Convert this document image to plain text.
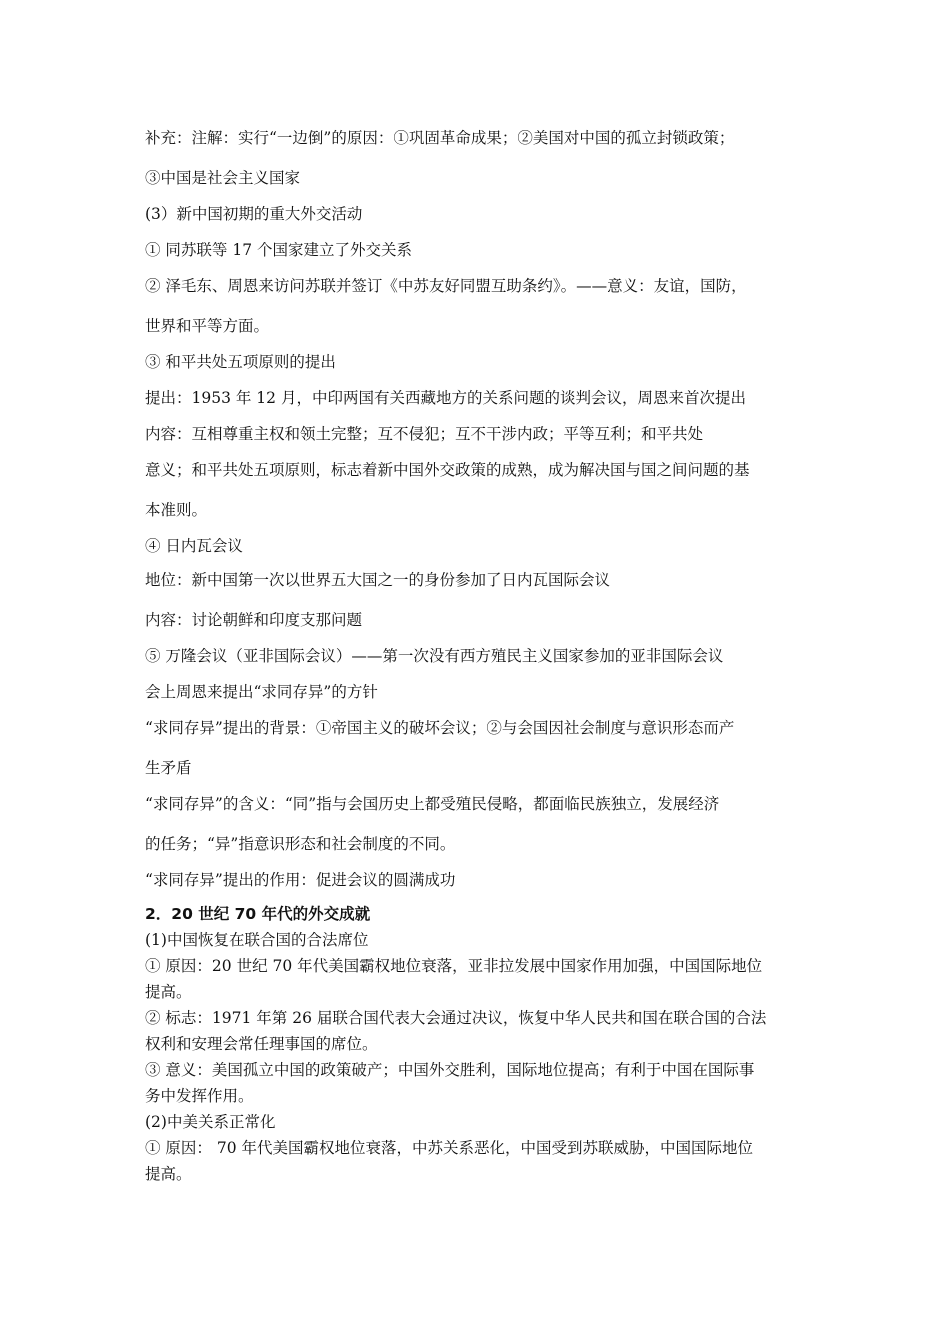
补充：注解：实行“一边倒”的原因：①巩固革命成果；②美国对中国的孤立封锁政策；
③中国是社会主义国家
(3）新中国初期的重大外交活动
① 同苏联等 17 个国家建立了外交关系
② 泽毛东、周恩来访问苏联并签订《中苏友好同盟互助条约》。——意义：友谊，国防，
世界和平等方面。
③ 和平共处五项原则的提出
提出：1953 年 12 月，中印两国有关西藏地方的关系问题的谈判会议，周恩来首次提出
内容：互相尊重主权和领土完整；互不侵犯；互不干涉内政；平等互利；和平共处
意义；和平共处五项原则，标志着新中国外交政策的成熟，成为解决国与国之间问题的基
本准则。
④ 日内瓦会议
地位：新中国第一次以世界五大国之一的身份参加了日内瓦国际会议
内容：讨论朝鲜和印度支那问题
⑤ 万隆会议（亚非国际会议）——第一次没有西方殖民主义国家参加的亚非国际会议
会上周恩来提出“求同存异”的方针
“求同存异”提出的背景：①帝国主义的破坏会议；②与会国因社会制度与意识形态而产
生矛盾
“求同存异”的含义：“同”指与会国历史上都受殖民侵略，都面临民族独立，发展经济
的任务；“异”指意识形态和社会制度的不同。
“求同存异”提出的作用：促进会议的圆满成功
2．20 世纪 70 年代的外交成就
(1)中国恢复在联合国的合法席位
① 原因：20 世纪 70 年代美国霸权地位衰落，亚非拉发展中国家作用加强，中国国际地位
提高。
② 标志：1971 年第 26 届联合国代表大会通过决议，恢复中华人民共和国在联合国的合法
权利和安理会常任理事国的席位。
③ 意义：美国孤立中国的政策破产；中国外交胜利，国际地位提高；有利于中国在国际事
务中发挥作用。
(2)中美关系正常化
① 原因： 70 年代美国霸权地位衰落，中苏关系恶化，中国受到苏联威胁，中国国际地位
提高。
